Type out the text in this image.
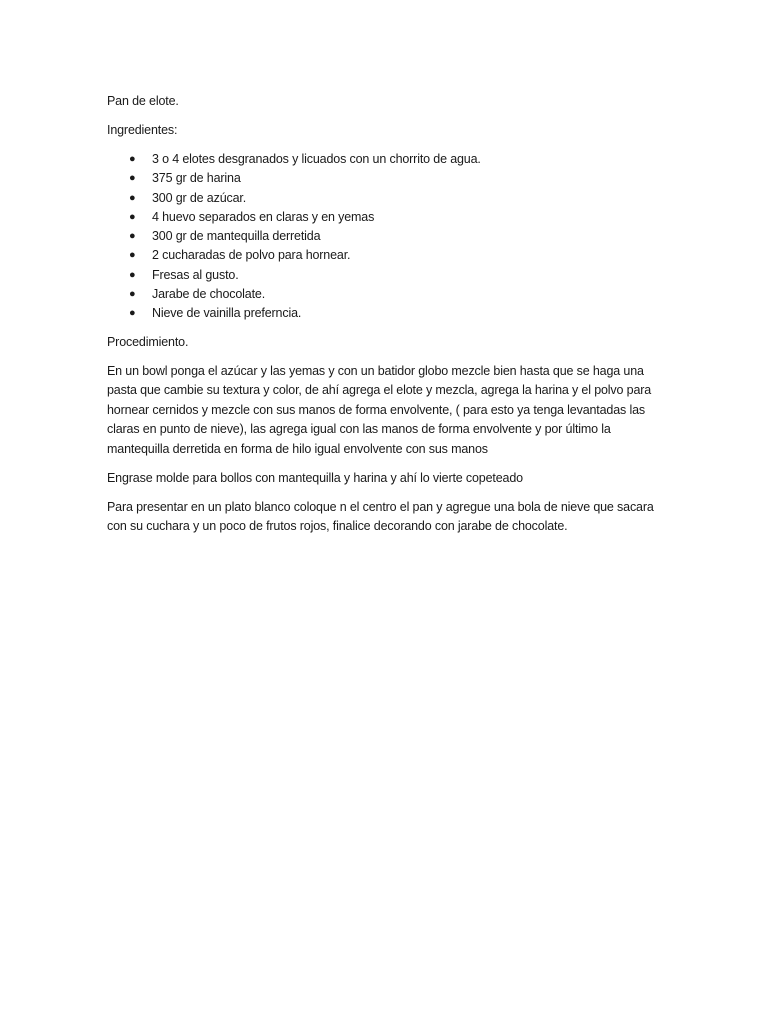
Pan de elote.

Ingredientes:

● 3 o 4 elotes desgranados y licuados con un chorrito de agua.
● 375 gr de harina
● 300 gr de azúcar.
● 4 huevo separados en claras y en yemas
● 300 gr de mantequilla derretida
● 2 cucharadas de polvo para hornear.
● Fresas al gusto.
● Jarabe de chocolate.
● Nieve de vainilla preferncia.

Procedimiento.

En un bowl ponga el azúcar y las yemas y con un batidor globo mezcle bien hasta que se haga una pasta que cambie su textura y color, de ahí agrega el elote y mezcla, agrega la harina y el polvo para hornear cernidos y mezcle con sus manos de forma envolvente, ( para esto ya tenga levantadas las claras en punto de nieve), las agrega igual con las manos de forma envolvente y por último la mantequilla derretida en forma de hilo igual envolvente con sus manos

Engrase molde para bollos con mantequilla y harina y ahí lo vierte copeteado

Para presentar en un plato blanco coloque n el centro el pan y agregue una bola de nieve que sacara con su cuchara y un poco de frutos rojos, finalice decorando con jarabe de chocolate.
